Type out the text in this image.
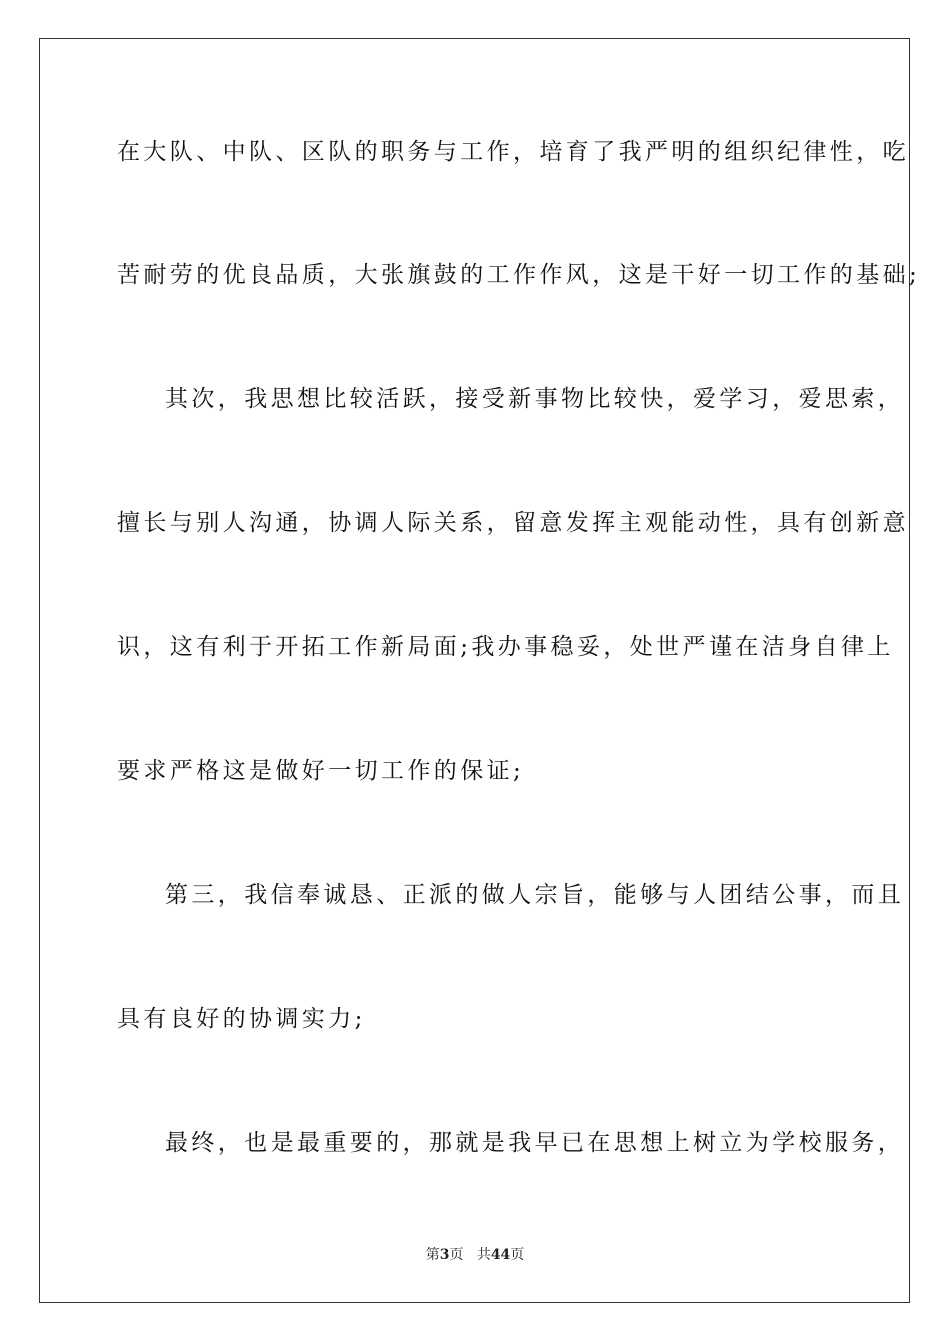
在大队、中队、区队的职务与工作，培育了我严明的组织纪律性，吃
苦耐劳的优良品质，大张旗鼓的工作作风，这是干好一切工作的基础;
其次，我思想比较活跃，接受新事物比较快，爱学习，爱思索，
擅长与别人沟通，协调人际关系，留意发挥主观能动性，具有创新意
识，这有利于开拓工作新局面;我办事稳妥，处世严谨在洁身自律上
要求严格这是做好一切工作的保证;
第三，我信奉诚恳、正派的做人宗旨，能够与人团结公事，而且
具有良好的协调实力;
最终，也是最重要的，那就是我早已在思想上树立为学校服务，
第3页 共44页
